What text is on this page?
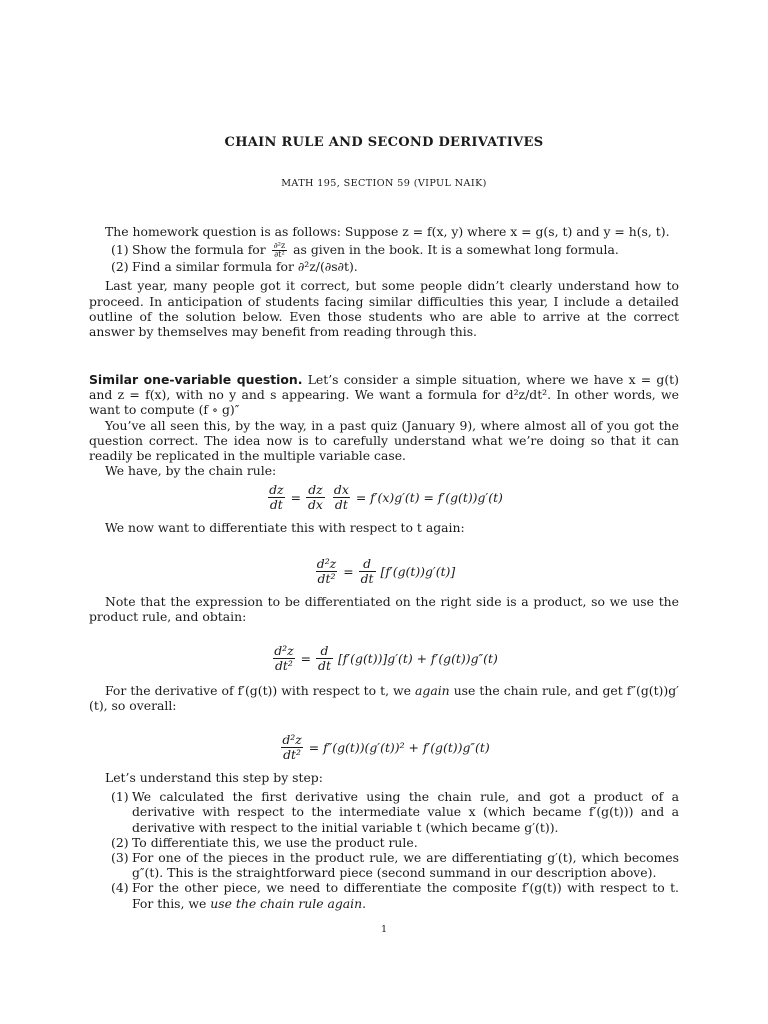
CHAIN RULE AND SECOND DERIVATIVES
MATH 195, SECTION 59 (VIPUL NAIK)

The homework question is as follows: Suppose z = f(x, y) where x = g(s, t) and y = h(s, t).

(1) Show the formula for $\frac{\text{∂²z}}{\text{∂t²}}$ as given in the book. It is a somewhat long formula.
(2) Find a similar formula for ∂²z/(∂s∂t).

Last year, many people got it correct, but some people didn’t clearly understand how to proceed. In anticipation of students facing similar difficulties this year, I include a detailed outline of the solution below. Even those students who are able to arrive at the correct answer by themselves may benefit from reading through this.

Similar one-variable question. Let’s consider a simple situation, where we have x = g(t) and z = f(x), with no y and s appearing. We want a formula for d²z/dt². In other words, we want to compute (f ∘ g)″

You’ve all seen this, by the way, in a past quiz (January 9), where almost all of you got the question correct. The idea now is to carefully understand what we’re doing so that it can readily be replicated in the multiple variable case.

We have, by the chain rule:

$\frac{dz}{dt} = \frac{dz}{dx} \frac{dx}{dt} = f'(x)g'(t) = f'(g(t))g'(t)$

We now want to differentiate this with respect to t again:

$\frac{\text{d²z}}{\text{dt²}} = \frac{d}{dt} [f'(g(t))g'(t)]$

Note that the expression to be differentiated on the right side is a product, so we use the product rule, and obtain:

$\frac{\text{d²z}}{\text{dt²}} = \frac{d}{dt} [f'(g(t))]g'(t) + f'(g(t))g''(t)$

For the derivative of f′(g(t)) with respect to t, we again use the chain rule, and get f″(g(t))g′(t), so overall:

$\frac{\text{d²z}}{\text{dt²}} = f''(g(t))(g'(t))^2 + f'(g(t))g''(t)$

Let’s understand this step by step:

(1) We calculated the first derivative using the chain rule, and got a product of a derivative with respect to the intermediate value x (which became f′(g(t))) and a derivative with respect to the initial variable t (which became g′(t)).
(2) To differentiate this, we use the product rule.
(3) For one of the pieces in the product rule, we are differentiating g′(t), which becomes g″(t). This is the straightforward piece (second summand in our description above).
(4) For the other piece, we need to differentiate the composite f′(g(t)) with respect to t. For this, we use the chain rule again.
1
